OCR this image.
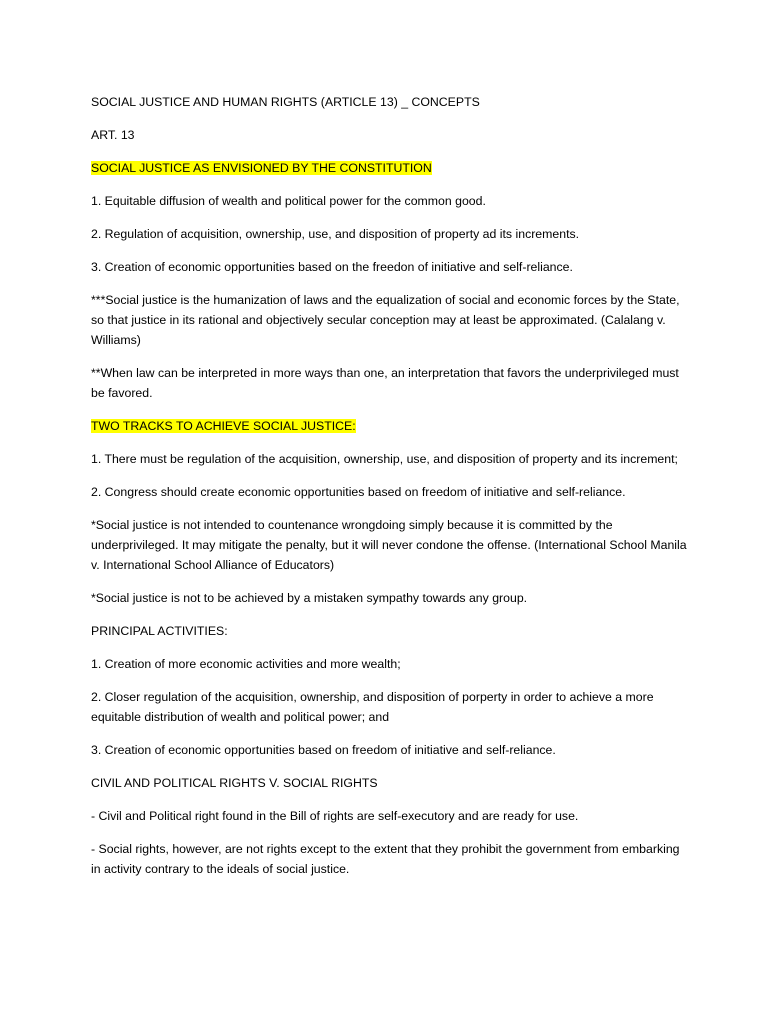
SOCIAL JUSTICE AND HUMAN RIGHTS (ARTICLE 13) _ CONCEPTS

ART. 13

SOCIAL JUSTICE AS ENVISIONED BY THE CONSTITUTION

1. Equitable diffusion of wealth and political power for the common good.

2. Regulation of acquisition, ownership, use, and disposition of property ad its increments.

3. Creation of economic opportunities based on the freedon of initiative and self-reliance.

***Social justice is the humanization of laws and the equalization of social and economic forces by the State, so that justice in its rational and objectively secular conception may at least be approximated. (Calalang v. Williams)

**When law can be interpreted in more ways than one, an interpretation that favors the underprivileged must be favored.

TWO TRACKS TO ACHIEVE SOCIAL JUSTICE:

1. There must be regulation of the acquisition, ownership, use, and disposition of property and its increment;

2. Congress should create economic opportunities based on freedom of initiative and self-reliance.

*Social justice is not intended to countenance wrongdoing simply because it is committed by the underprivileged. It may mitigate the penalty, but it will never condone the offense. (International School Manila v. International School Alliance of Educators)

*Social justice is not to be achieved by a mistaken sympathy towards any group.

PRINCIPAL ACTIVITIES:

1. Creation of more economic activities and more wealth;

2. Closer regulation of the acquisition, ownership, and disposition of porperty in order to achieve a more equitable distribution of wealth and political power; and

3. Creation of economic opportunities based on freedom of initiative and self-reliance.

CIVIL AND POLITICAL RIGHTS V. SOCIAL RIGHTS

- Civil and Political right found in the Bill of rights are self-executory and are ready for use.

- Social rights, however, are not rights except to the extent that they prohibit the government from embarking in activity contrary to the ideals of social justice.
